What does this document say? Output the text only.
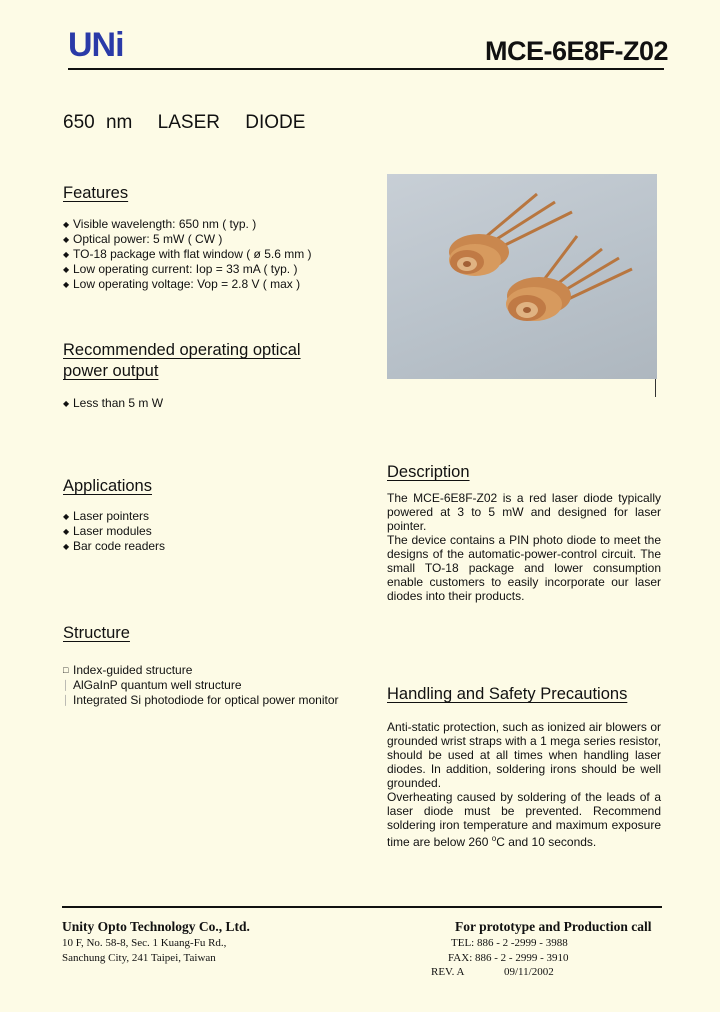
UNi	MCE-6E8F-Z02
650 nm LASER DIODE
Features
◆ Visible wavelength: 650 nm ( typ. )
◆ Optical power: 5 mW ( CW )
◆ TO-18 package with flat window ( ø 5.6 mm )
◆ Low operating current: Iop = 33 mA ( typ. )
◆ Low operating voltage: Vop = 2.8 V ( max )
Recommended operating optical
power output
◆ Less than 5 m W
Applications
◆ Laser pointers
◆ Laser modules
◆ Bar code readers
Structure
□ Index-guided structure
│ AlGaInP quantum well structure
│ Integrated Si photodiode for optical power monitor
Description
The MCE-6E8F-Z02 is a red laser diode typically powered at 3 to 5 mW and designed for laser pointer.
The device contains a PIN photo diode to meet the designs of the automatic-power-control circuit. The small TO-18 package and lower consumption enable customers to easily incorporate our laser diodes into their products.
Handling and Safety Precautions
Anti-static protection, such as ionized air blowers or grounded wrist straps with a 1 mega series resistor, should be used at all times when handling laser diodes. In addition, soldering irons should be well grounded.
Overheating caused by soldering of the leads of a laser diode must be prevented. Recommend soldering iron temperature and maximum exposure time are below 260 $^o$C and 10 seconds.
Unity Opto Technology Co., Ltd.
10 F, No. 58-8, Sec. 1 Kuang-Fu Rd.,
Sanchung City, 241 Taipei, Taiwan
For prototype and Production call
TEL: 886 - 2 -2999 - 3988
FAX: 886 - 2 - 2999 - 3910
REV. A	09/11/2002
